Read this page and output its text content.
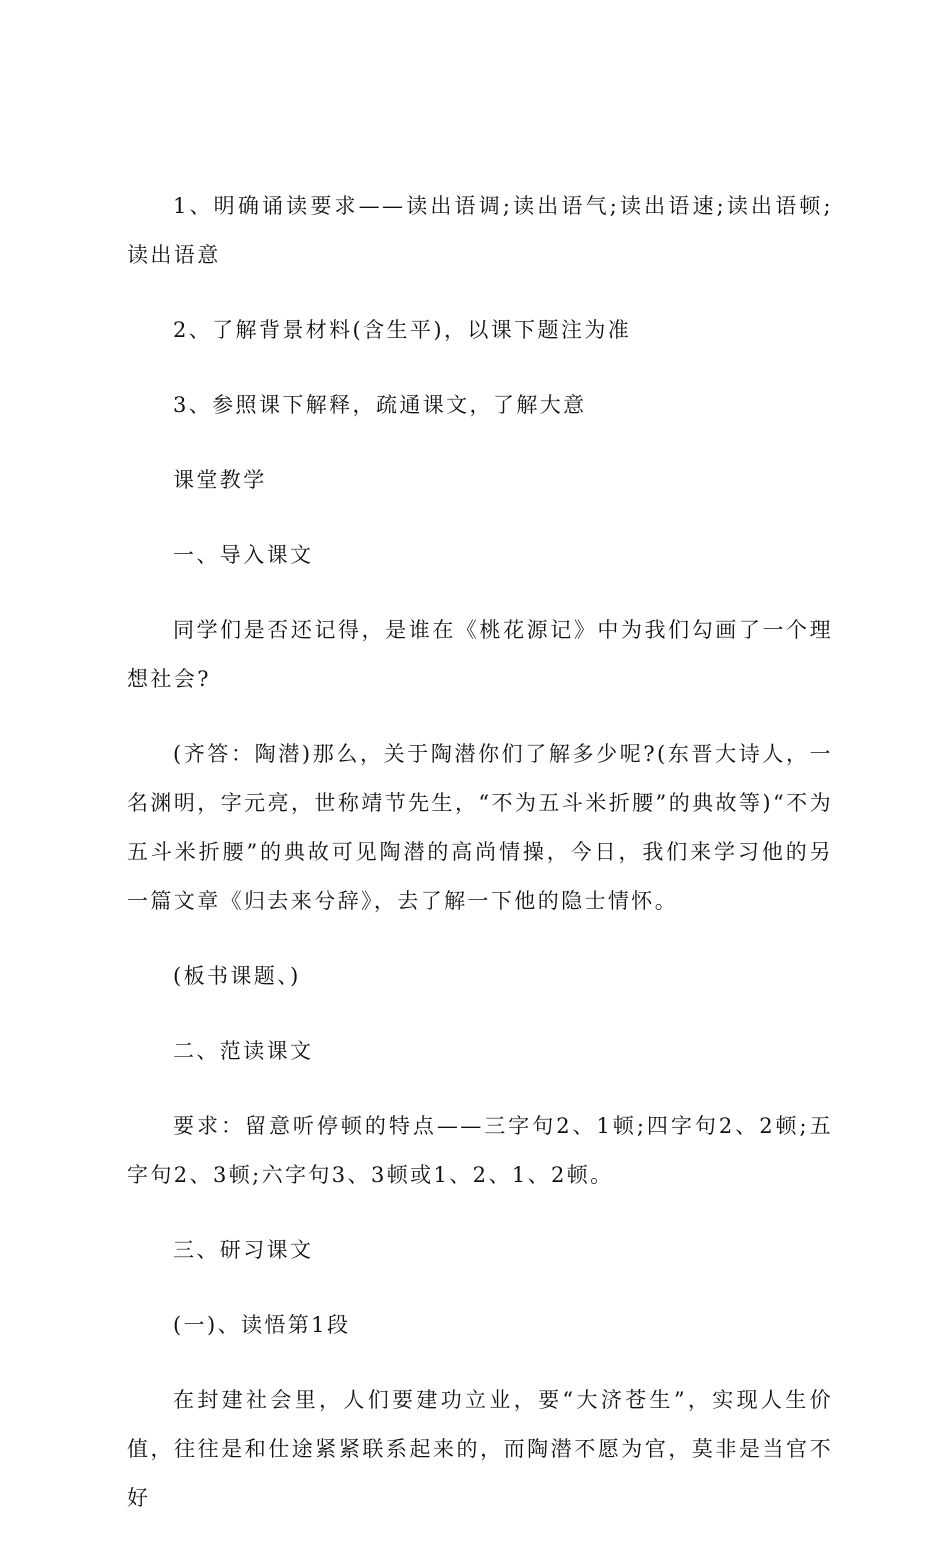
1、明确诵读要求——读出语调;读出语气;读出语速;读出语顿;读出语意

2、了解背景材料(含生平)，以课下题注为准

3、参照课下解释，疏通课文，了解大意

课堂教学

一、导入课文

同学们是否还记得，是谁在《桃花源记》中为我们勾画了一个理想社会?

(齐答：陶潜)那么，关于陶潜你们了解多少呢?(东晋大诗人，一名渊明，字元亮，世称靖节先生，“不为五斗米折腰”的典故等)“不为五斗米折腰”的典故可见陶潜的高尚情操，今日，我们来学习他的另一篇文章《归去来兮辞》，去了解一下他的隐士情怀。

(板书课题、)

二、范读课文

要求：留意听停顿的特点——三字句2、1顿;四字句2、2顿;五字句2、3顿;六字句3、3顿或1、2、1、2顿。

三、研习课文

(一)、读悟第1段

在封建社会里，人们要建功立业，要“大济苍生”，实现人生价值，往往是和仕途紧紧联系起来的，而陶潜不愿为官，莫非是当官不好
